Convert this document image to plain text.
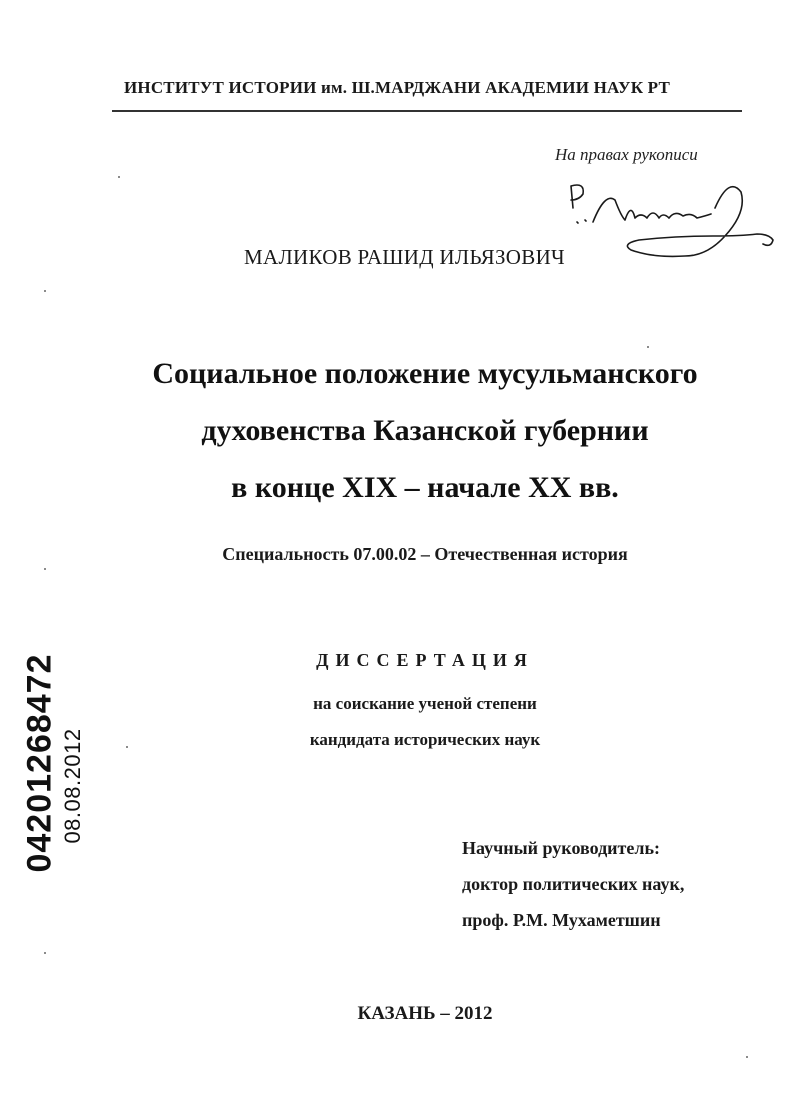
ИНСТИТУТ ИСТОРИИ им. Ш.МАРДЖАНИ АКАДЕМИИ НАУК РТ
На правах рукописи
МАЛИКОВ РАШИД ИЛЬЯЗОВИЧ
Социальное положение мусульманского
духовенства Казанской губернии
в конце XIX – начале XX вв.
Специальность 07.00.02 – Отечественная история
ДИССЕРТАЦИЯ
на соискание ученой степени
кандидата исторических наук
Научный руководитель:
доктор политических наук,
проф. Р.М. Мухаметшин
КАЗАНЬ – 2012
04201268472 08.08.2012
